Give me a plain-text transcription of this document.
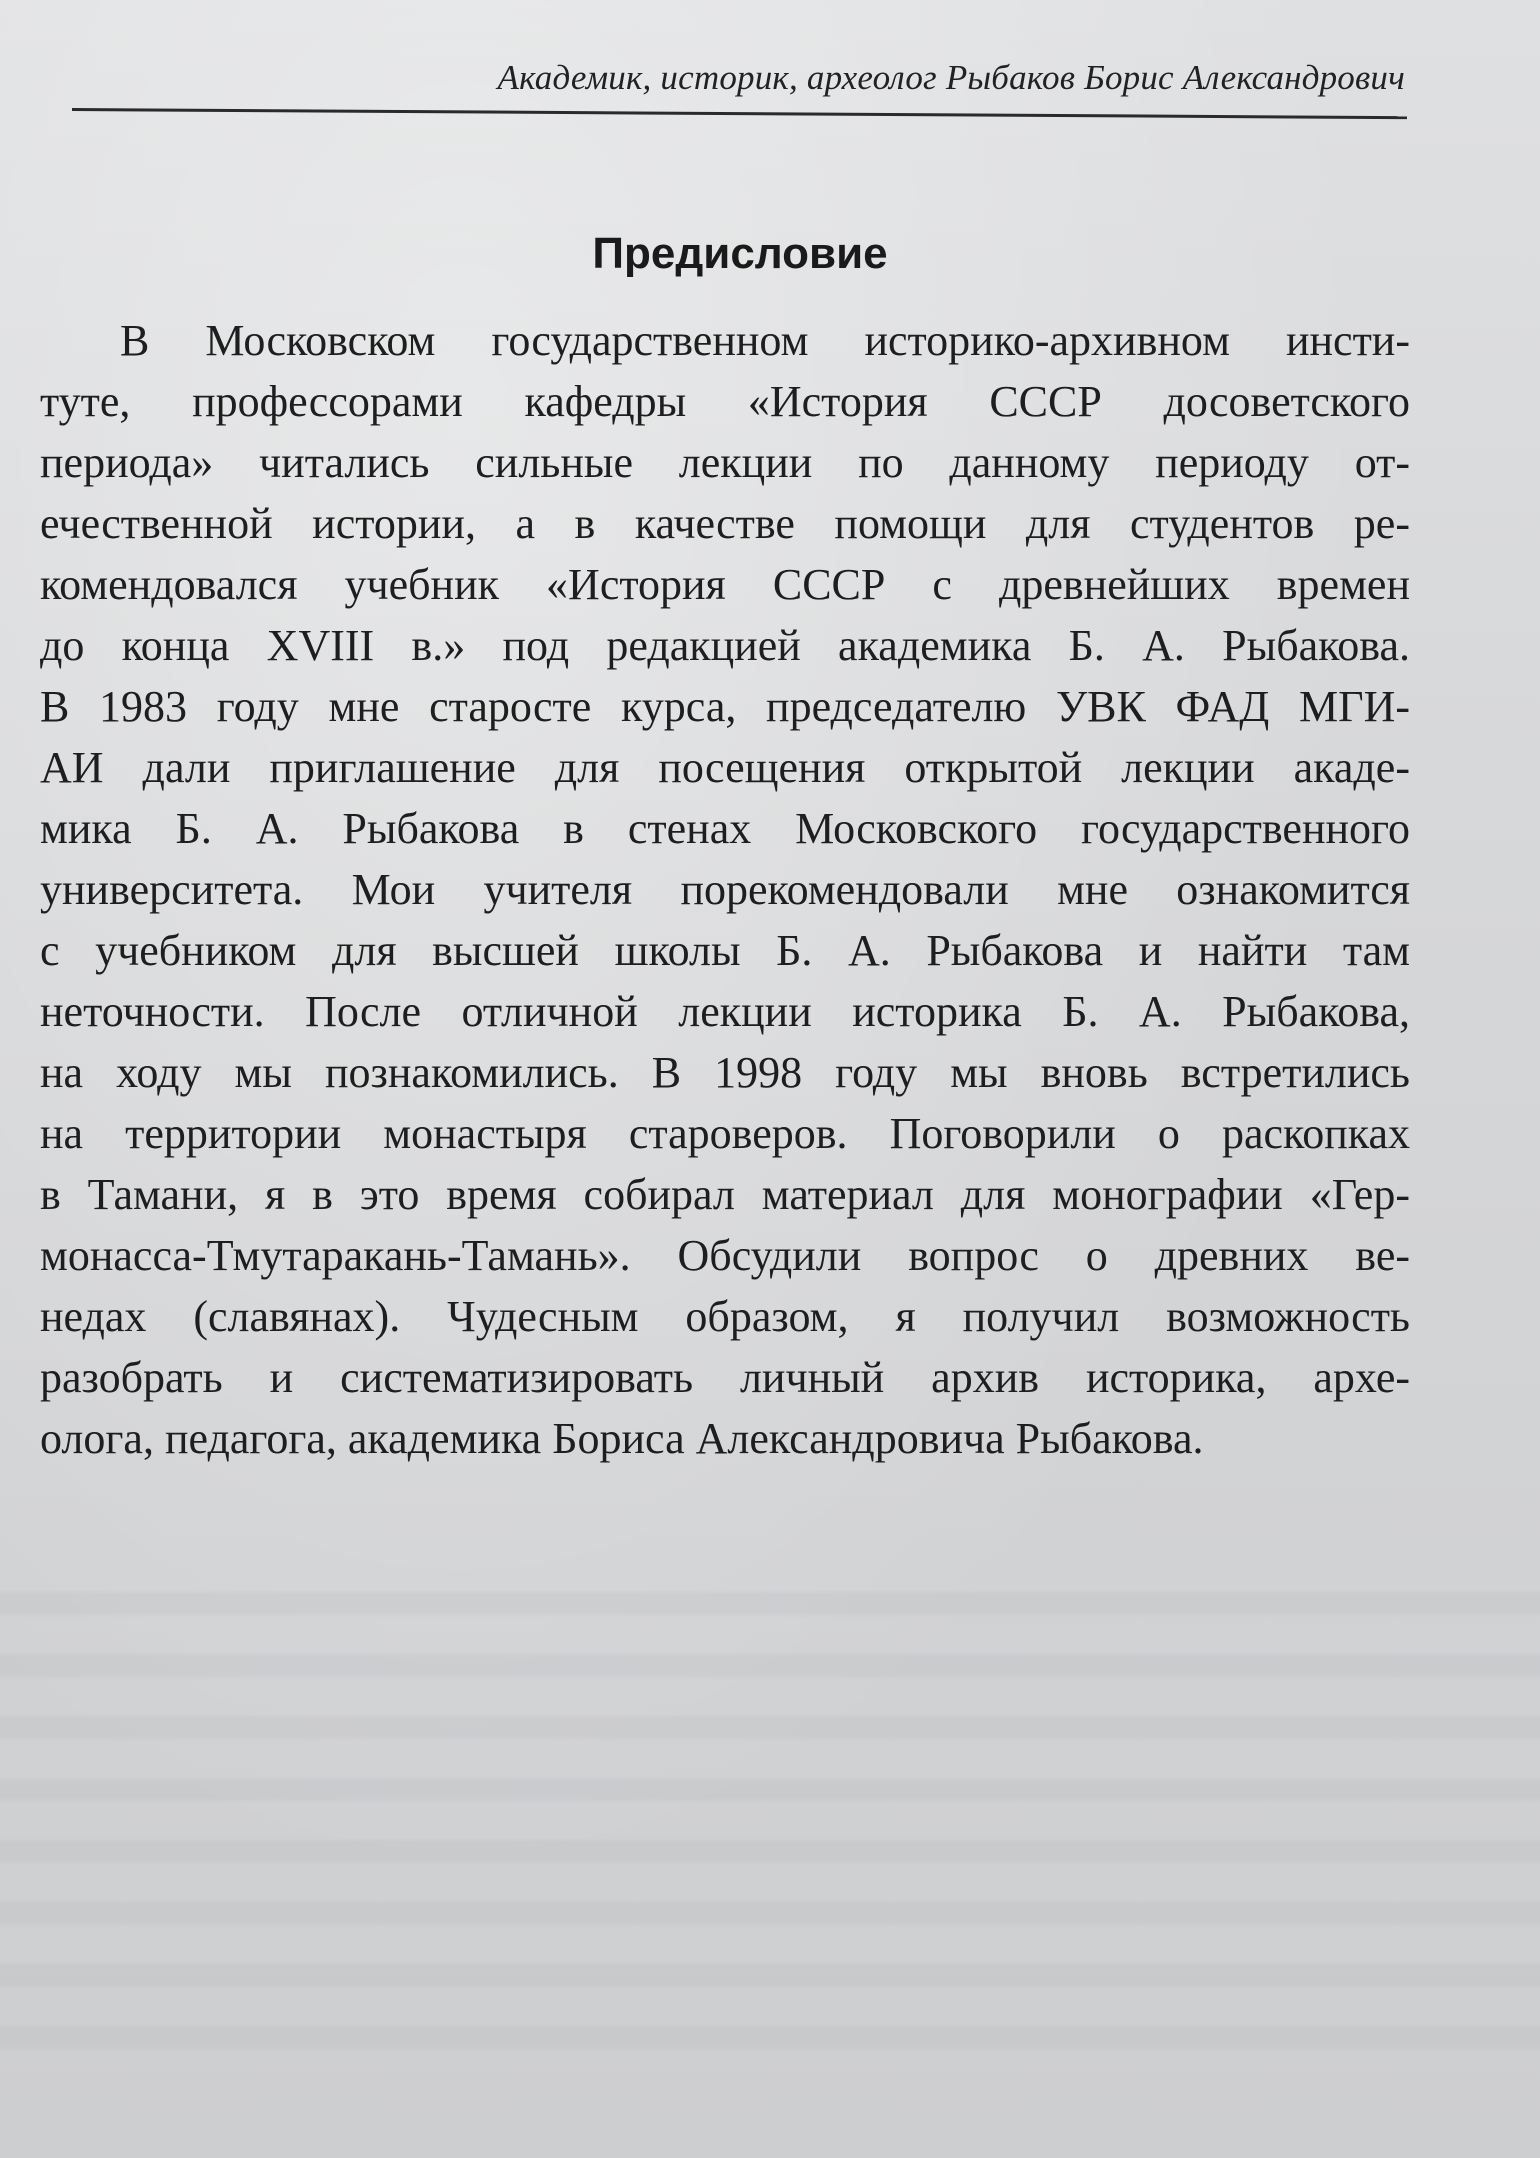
Академик, историк, археолог Рыбаков Борис Александрович
Предисловие
В Московском государственном историко-архивном инсти-
туте, профессорами кафедры «История СССР досоветского
периода» читались сильные лекции по данному периоду от-
ечественной истории, а в качестве помощи для студентов ре-
комендовался учебник «История СССР с древнейших времен
до конца XVIII в.» под редакцией академика Б. А. Рыбакова.
В 1983 году мне старосте курса, председателю УВК ФАД МГИ-
АИ дали приглашение для посещения открытой лекции акаде-
мика Б. А. Рыбакова в стенах Московского государственного
университета. Мои учителя порекомендовали мне ознакомится
с учебником для высшей школы Б. А. Рыбакова и найти там
неточности. После отличной лекции историка Б. А. Рыбакова,
на ходу мы познакомились. В 1998 году мы вновь встретились
на территории монастыря староверов. Поговорили о раскопках
в Тамани, я в это время собирал материал для монографии «Гер-
монасса-Тмутаракань-Тамань». Обсудили вопрос о древних ве-
недах (славянах). Чудесным образом, я получил возможность
разобрать и систематизировать личный архив историка, архе-
олога, педагога, академика Бориса Александровича Рыбакова.
